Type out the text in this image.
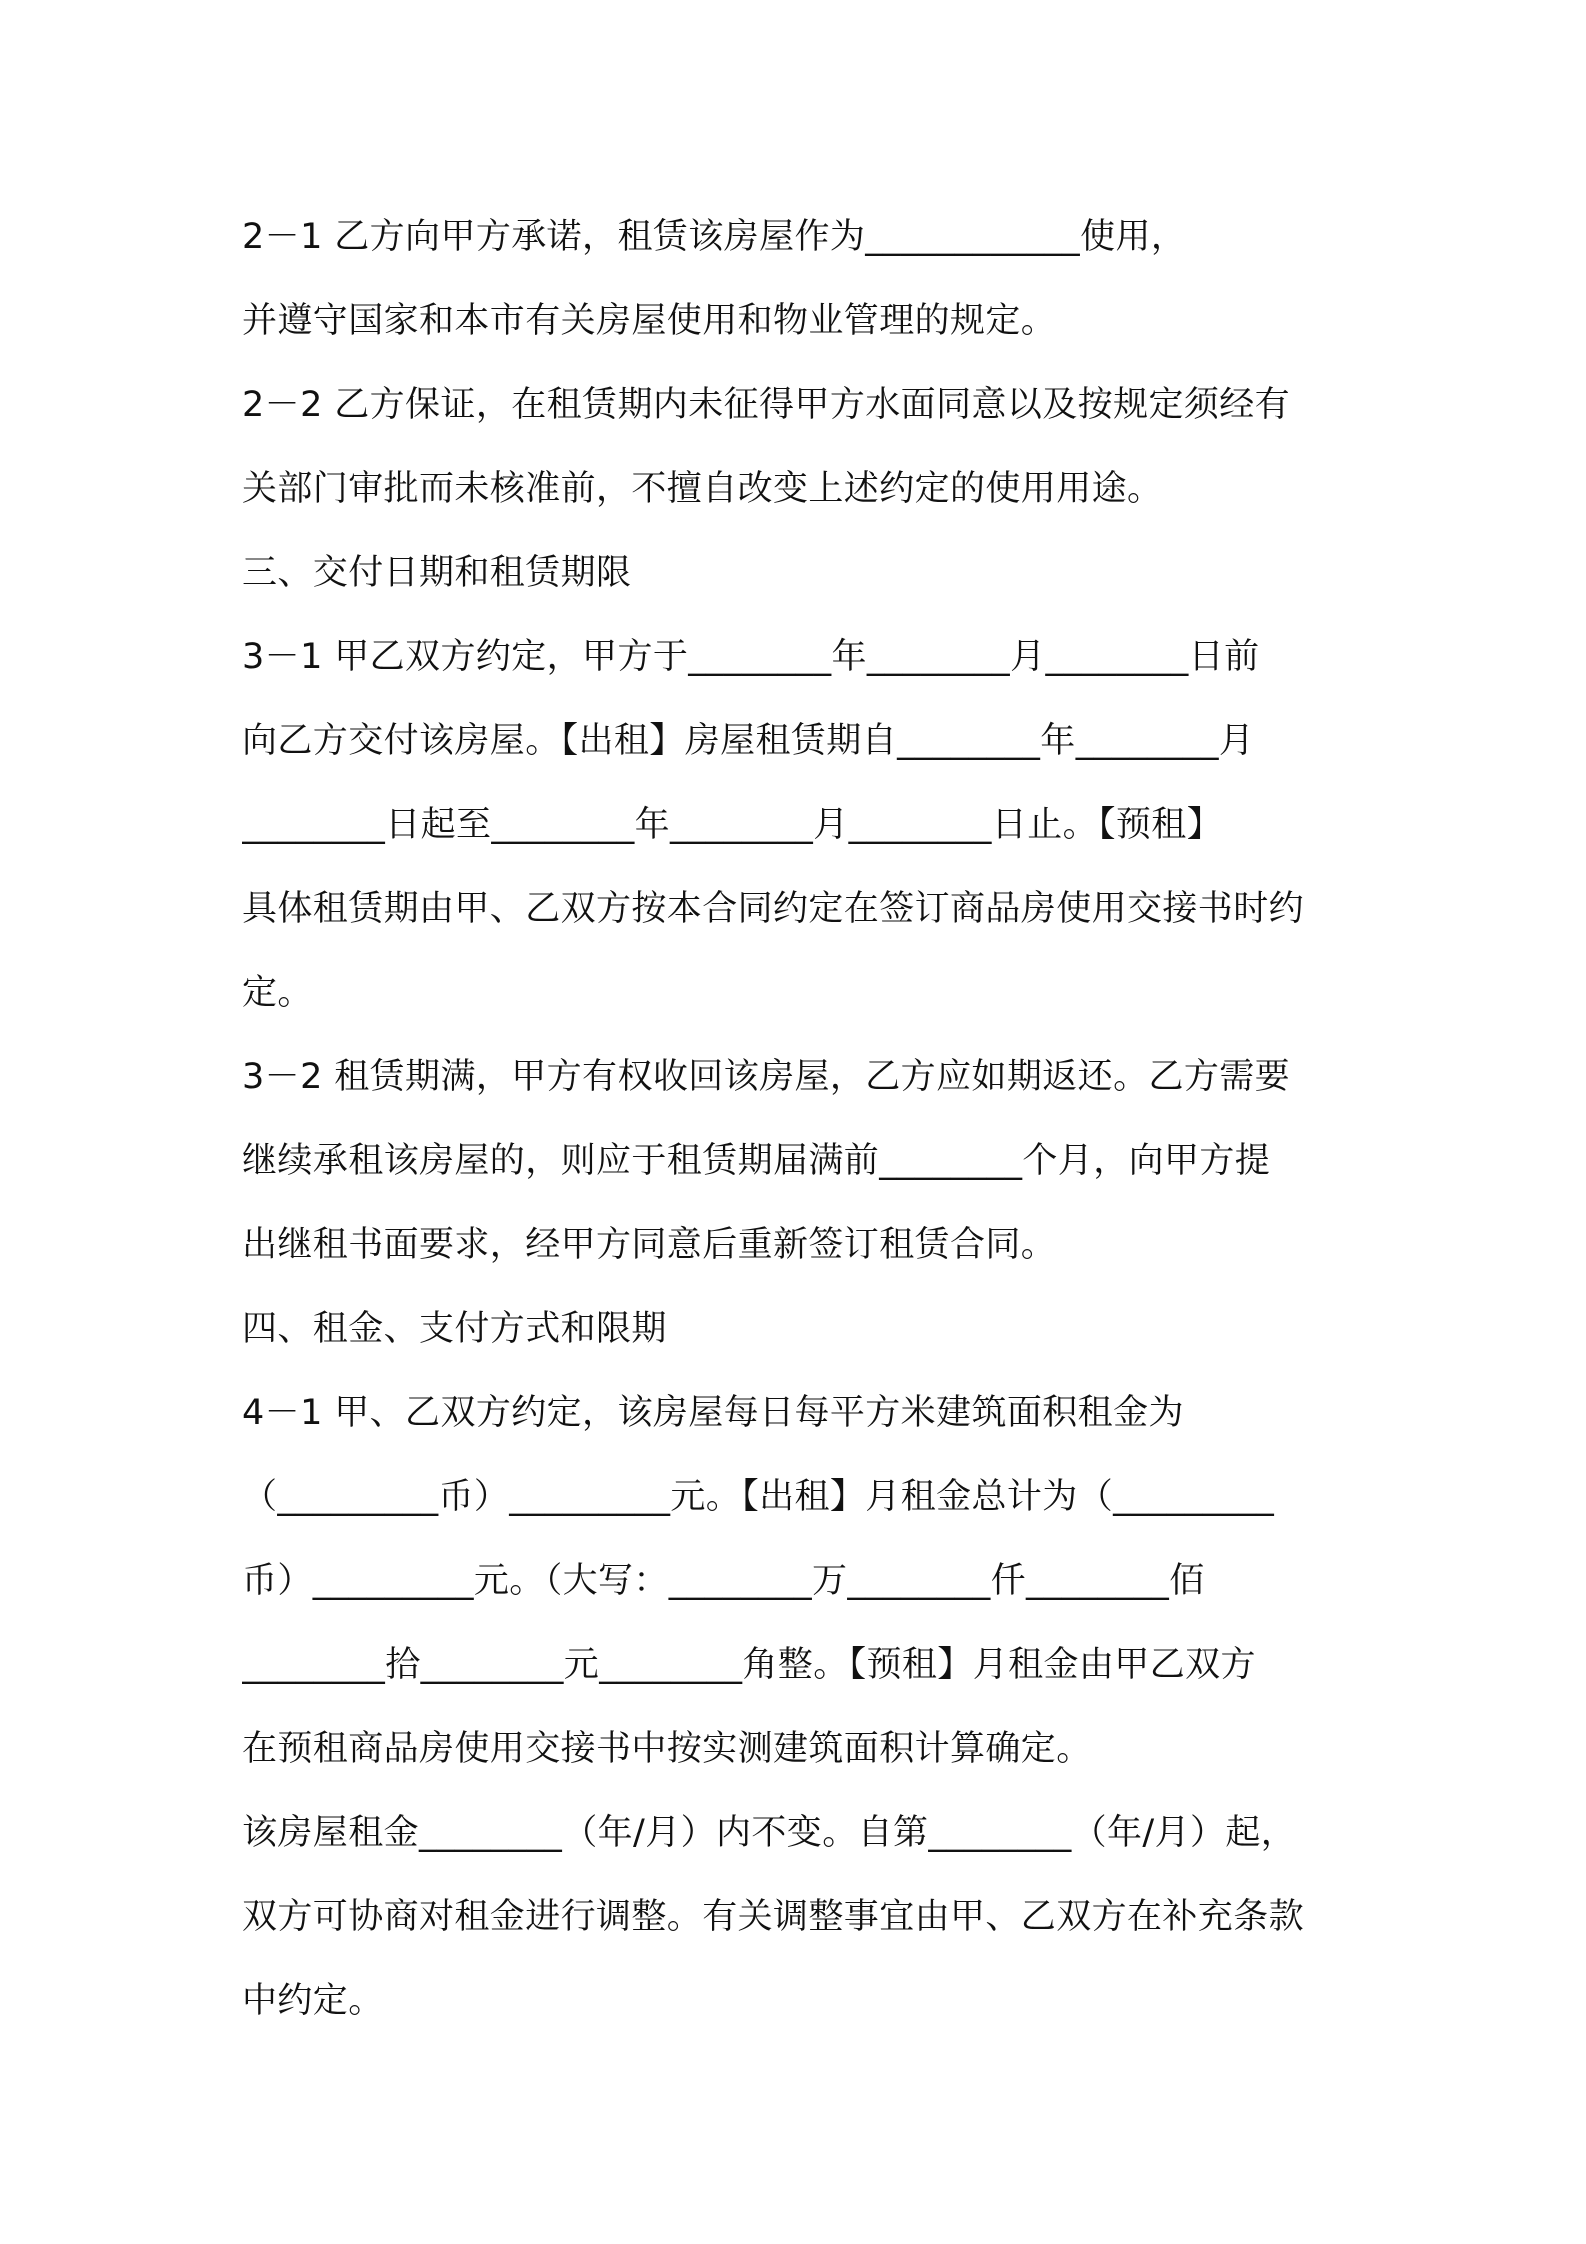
2－1 乙方向甲方承诺，租赁该房屋作为____________使用，
并遵守国家和本市有关房屋使用和物业管理的规定。
2－2 乙方保证，在租赁期内未征得甲方水面同意以及按规定须经有
关部门审批而未核准前，不擅自改变上述约定的使用用途。
三、交付日期和租赁期限
3－1 甲乙双方约定，甲方于________年________月________日前
向乙方交付该房屋。【出租】房屋租赁期自________年________月
________日起至________年________月________日止。【预租】
具体租赁期由甲、乙双方按本合同约定在签订商品房使用交接书时约
定。
3－2 租赁期满，甲方有权收回该房屋，乙方应如期返还。乙方需要
继续承租该房屋的，则应于租赁期届满前________个月，向甲方提
出继租书面要求，经甲方同意后重新签订租赁合同。
四、租金、支付方式和限期
4－1 甲、乙双方约定，该房屋每日每平方米建筑面积租金为
（_________币）_________元。【出租】月租金总计为（_________
币）_________元。（大写：________万________仟________佰
________拾________元________角整。【预租】月租金由甲乙双方
在预租商品房使用交接书中按实测建筑面积计算确定。
该房屋租金________（年/月）内不变。自第________（年/月）起，
双方可协商对租金进行调整。有关调整事宜由甲、乙双方在补充条款
中约定。
